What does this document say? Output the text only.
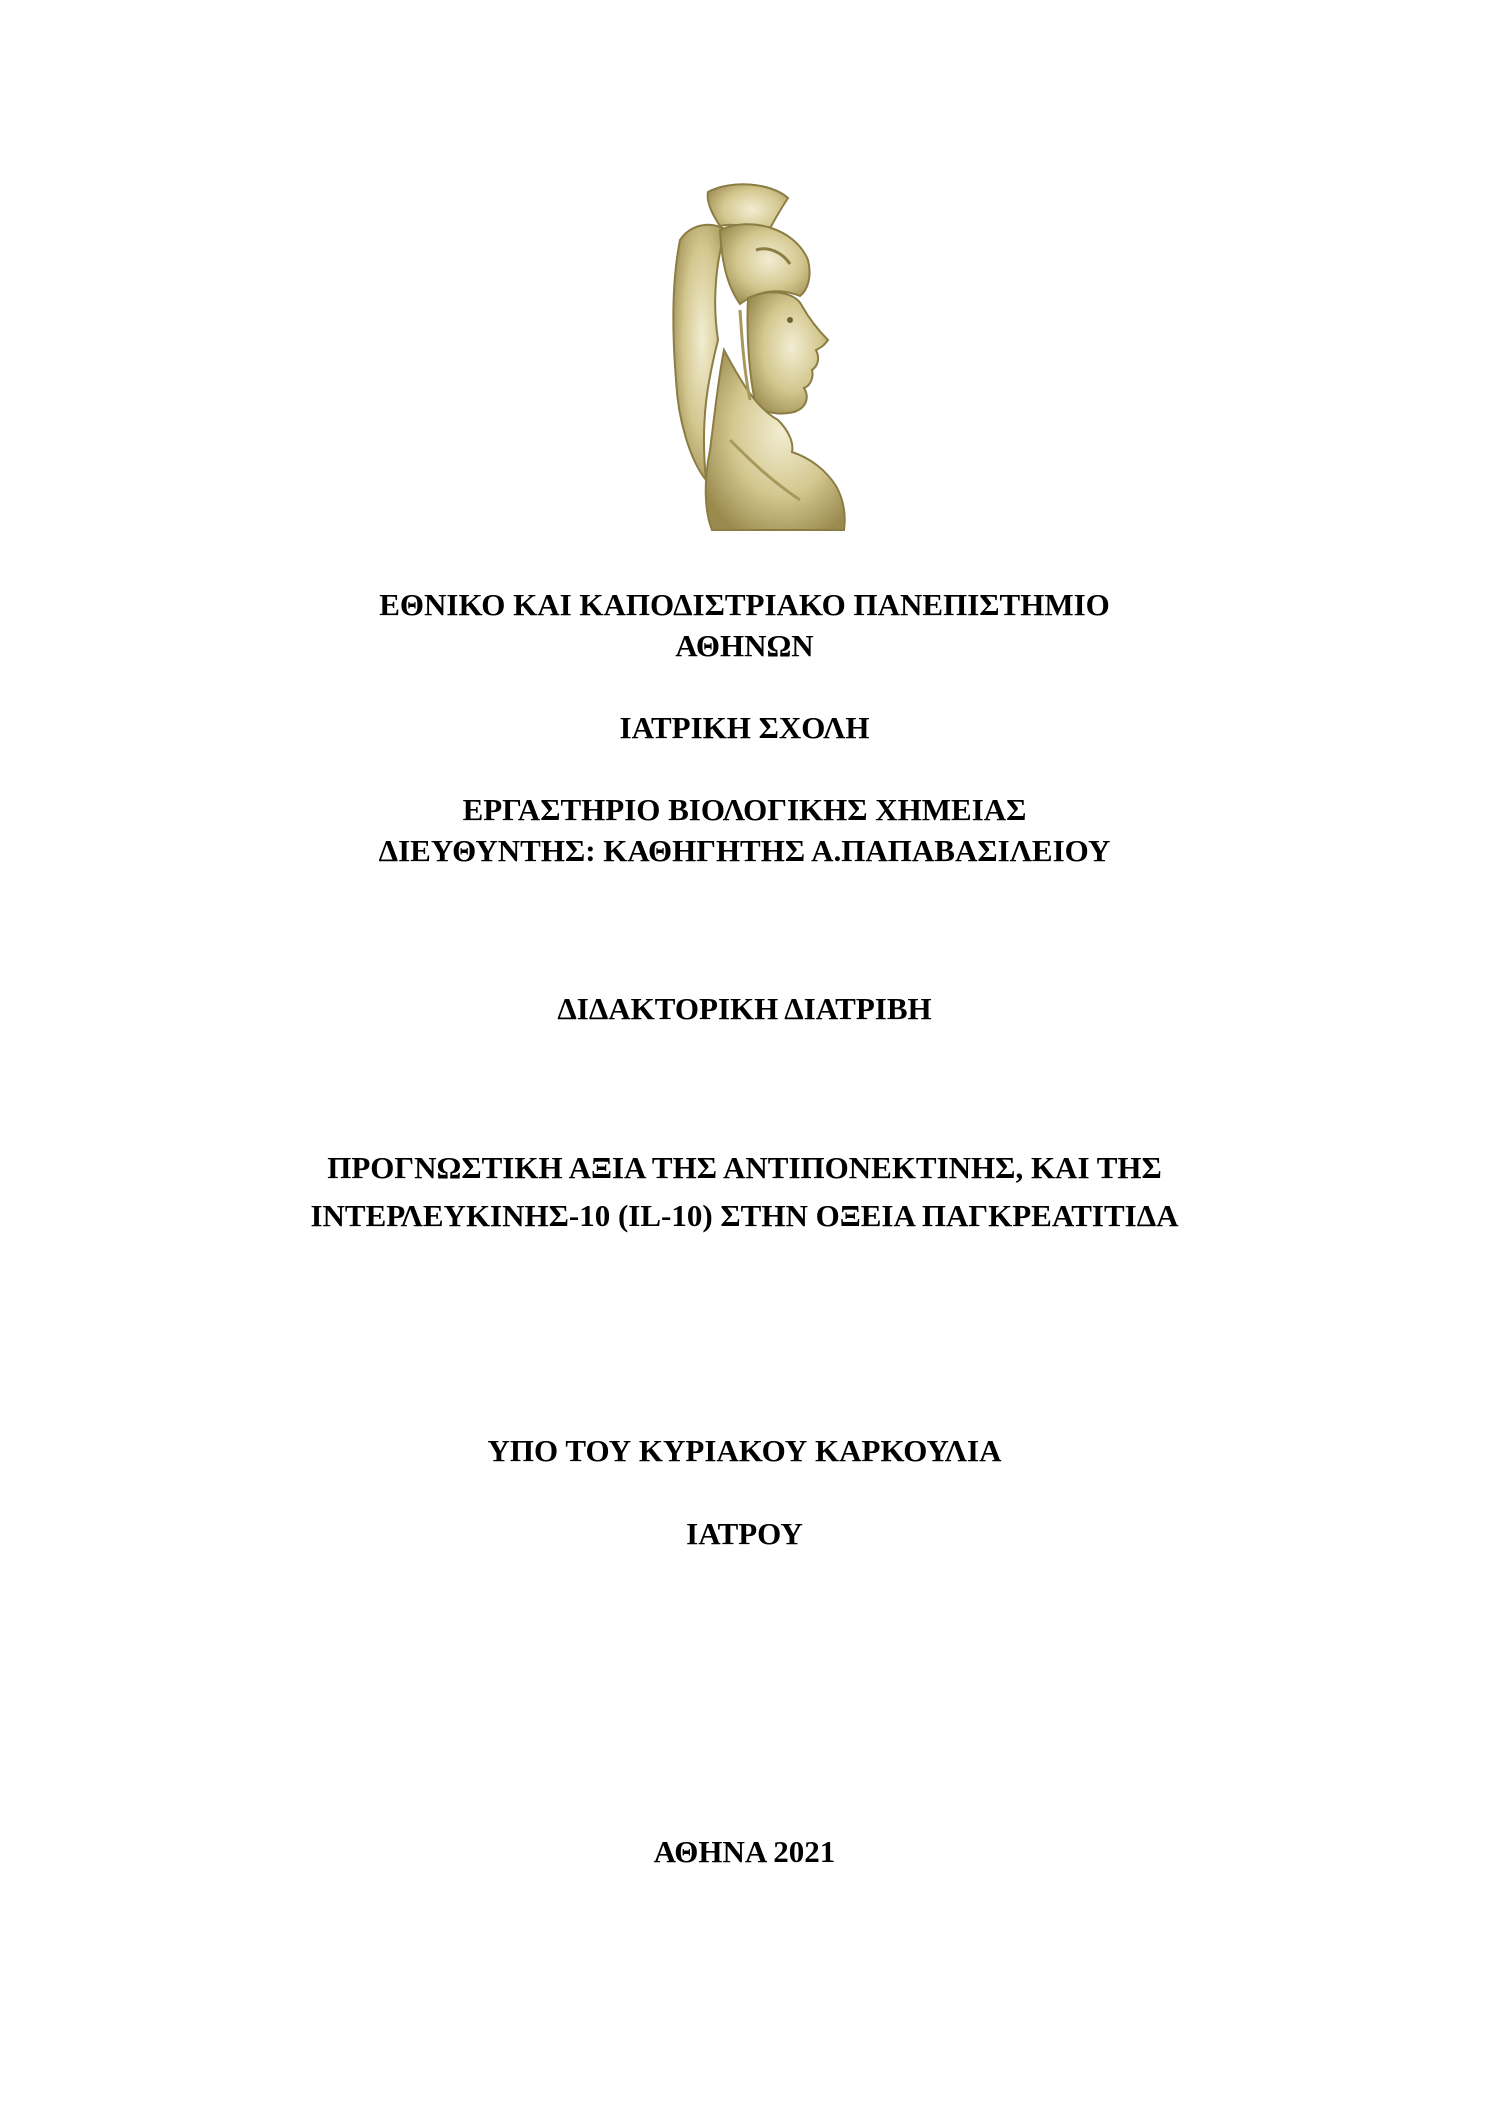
ΕΘΝΙΚΟ ΚΑΙ ΚΑΠΟΔΙΣΤΡΙΑΚΟ ΠΑΝΕΠΙΣΤΗΜΙΟ
ΑΘΗΝΩΝ
ΙΑΤΡΙΚΗ ΣΧΟΛΗ
ΕΡΓΑΣΤΗΡΙΟ ΒΙΟΛΟΓΙΚΗΣ ΧΗΜΕΙΑΣ
ΔΙΕΥΘΥΝΤΗΣ: ΚΑΘΗΓΗΤΗΣ Α.ΠΑΠΑΒΑΣΙΛΕΙΟΥ
ΔΙΔΑΚΤΟΡΙΚΗ ΔΙΑΤΡΙΒΗ
ΠΡΟΓΝΩΣΤΙΚΗ ΑΞΙΑ ΤΗΣ ΑΝΤΙΠΟΝΕΚΤΙΝΗΣ, ΚΑΙ ΤΗΣ
ΙΝΤΕΡΛΕΥΚΙΝΗΣ-10 (IL-10) ΣΤΗΝ ΟΞΕΙΑ ΠΑΓΚΡΕΑΤΙΤΙΔΑ
ΥΠΟ ΤΟΥ ΚΥΡΙΑΚΟΥ ΚΑΡΚΟΥΛΙΑ
ΙΑΤΡΟΥ
ΑΘΗΝΑ 2021
